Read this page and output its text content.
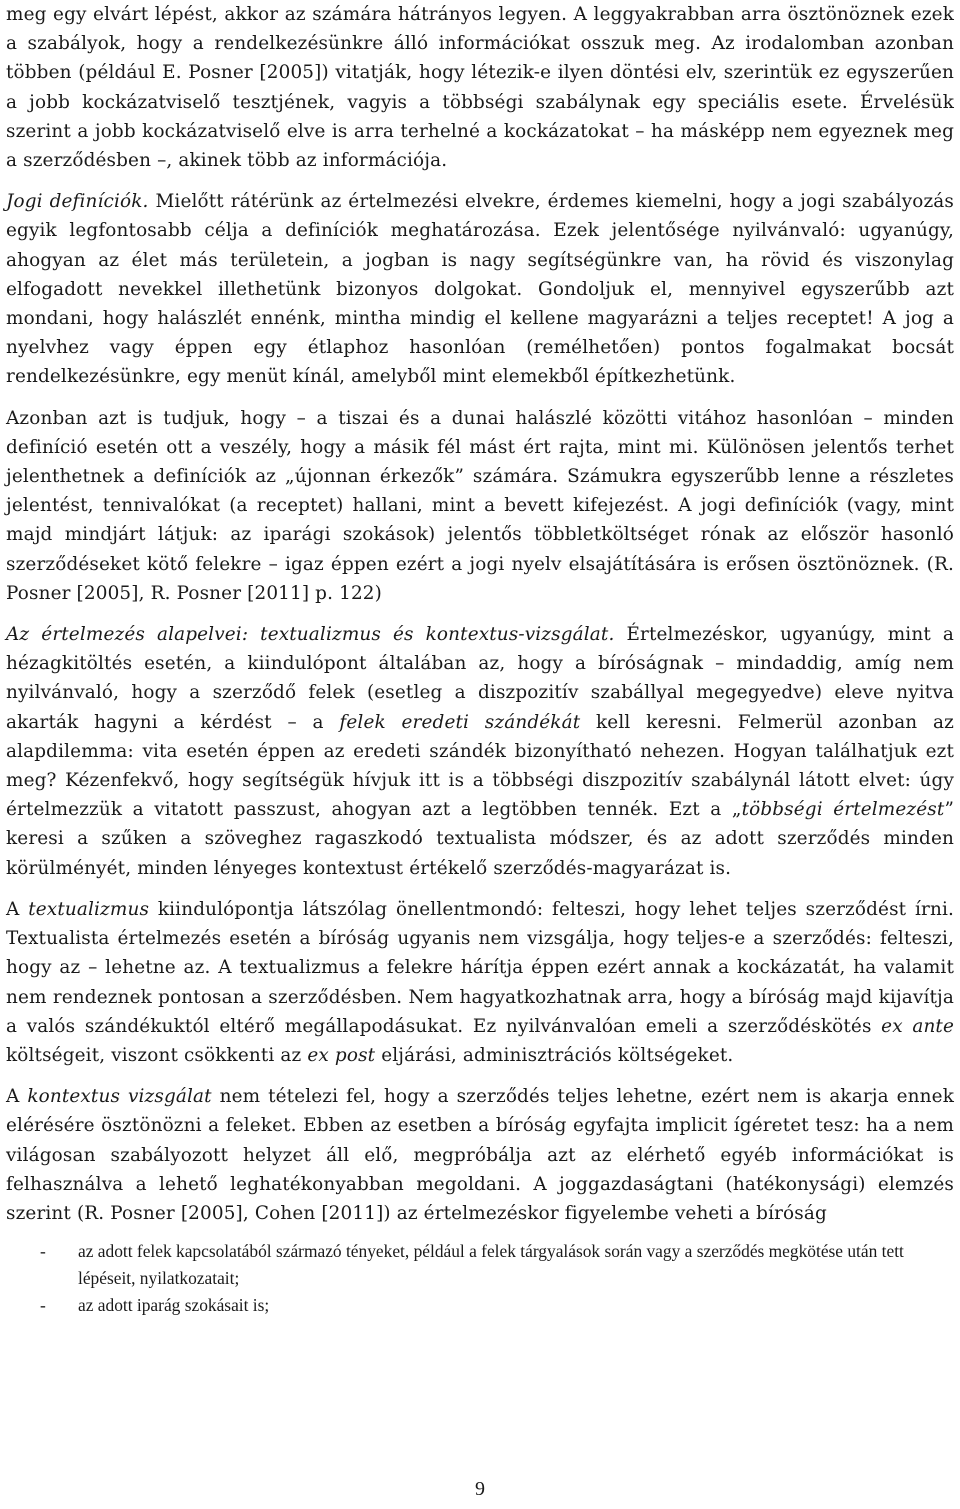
meg egy elvárt lépést, akkor az számára hátrányos legyen. A leggyakrabban arra ösztönöznek ezek a szabályok, hogy a rendelkezésünkre álló információkat osszuk meg. Az irodalomban azonban többen (például E. Posner [2005]) vitatják, hogy létezik-e ilyen döntési elv, szerintük ez egyszerűen a jobb kockázatviselő tesztjének, vagyis a többségi szabálynak egy speciális esete. Érvelésük szerint a jobb kockázatviselő elve is arra terhelné a kockázatokat – ha másképp nem egyeznek meg a szerződésben –, akinek több az információja.

Jogi definíciók. Mielőtt rátérünk az értelmezési elvekre, érdemes kiemelni, hogy a jogi szabályozás egyik legfontosabb célja a definíciók meghatározása. Ezek jelentősége nyilvánvaló: ugyanúgy, ahogyan az élet más területein, a jogban is nagy segítségünkre van, ha rövid és viszonylag elfogadott nevekkel illethetünk bizonyos dolgokat. Gondoljuk el, mennyivel egyszerűbb azt mondani, hogy halászlét ennénk, mintha mindig el kellene magyarázni a teljes receptet! A jog a nyelvhez vagy éppen egy étlaphoz hasonlóan (remélhetően) pontos fogalmakat bocsát rendelkezésünkre, egy menüt kínál, amelyből mint elemekből építkezhetünk.

Azonban azt is tudjuk, hogy – a tiszai és a dunai halászlé közötti vitához hasonlóan – minden definíció esetén ott a veszély, hogy a másik fél mást ért rajta, mint mi. Különösen jelentős terhet jelenthetnek a definíciók az „újonnan érkezők” számára. Számukra egyszerűbb lenne a részletes jelentést, tennivalókat (a receptet) hallani, mint a bevett kifejezést. A jogi definíciók (vagy, mint majd mindjárt látjuk: az iparági szokások) jelentős többletköltséget rónak az először hasonló szerződéseket kötő felekre – igaz éppen ezért a jogi nyelv elsajátítására is erősen ösztönöznek. (R. Posner [2005], R. Posner [2011] p. 122)

Az értelmezés alapelvei: textualizmus és kontextus-vizsgálat. Értelmezéskor, ugyanúgy, mint a hézagkitöltés esetén, a kiindulópont általában az, hogy a bíróságnak – mindaddig, amíg nem nyilvánvaló, hogy a szerződő felek (esetleg a diszpozitív szabállyal megegyedve) eleve nyitva akarták hagyni a kérdést – a felek eredeti szándékát kell keresni. Felmerül azonban az alapdilemma: vita esetén éppen az eredeti szándék bizonyítható nehezen. Hogyan találhatjuk ezt meg? Kézenfekvő, hogy segítségük hívjuk itt is a többségi diszpozitív szabálynál látott elvet: úgy értelmezzük a vitatott passzust, ahogyan azt a legtöbben tennék. Ezt a „többségi értelmezést” keresi a szűken a szöveghez ragaszkodó textualista módszer, és az adott szerződés minden körülményét, minden lényeges kontextust értékelő szerződés-magyarázat is.

A textualizmus kiindulópontja látszólag önellentmondó: felteszi, hogy lehet teljes szerződést írni. Textualista értelmezés esetén a bíróság ugyanis nem vizsgálja, hogy teljes-e a szerződés: felteszi, hogy az – lehetne az. A textualizmus a felekre hárítja éppen ezért annak a kockázatát, ha valamit nem rendeznek pontosan a szerződésben. Nem hagyatkozhatnak arra, hogy a bíróság majd kijavítja a valós szándékuktól eltérő megállapodásukat. Ez nyilvánvalóan emeli a szerződéskötés ex ante költségeit, viszont csökkenti az ex post eljárási, adminisztrációs költségeket.

A kontextus vizsgálat nem tételezi fel, hogy a szerződés teljes lehetne, ezért nem is akarja ennek elérésére ösztönözni a feleket. Ebben az esetben a bíróság egyfajta implicit ígéretet tesz: ha a nem világosan szabályozott helyzet áll elő, megpróbálja azt az elérhető egyéb információkat is felhasználva a lehető leghatékonyabban megoldani. A joggazdaságtani (hatékonysági) elemzés szerint (R. Posner [2005], Cohen [2011]) az értelmezéskor figyelembe veheti a bíróság

-	az adott felek kapcsolatából származó tényeket, például a felek tárgyalások során vagy a szerződés megkötése után tett lépéseit, nyilatkozatait;
-	az adott iparág szokásait is;
9
